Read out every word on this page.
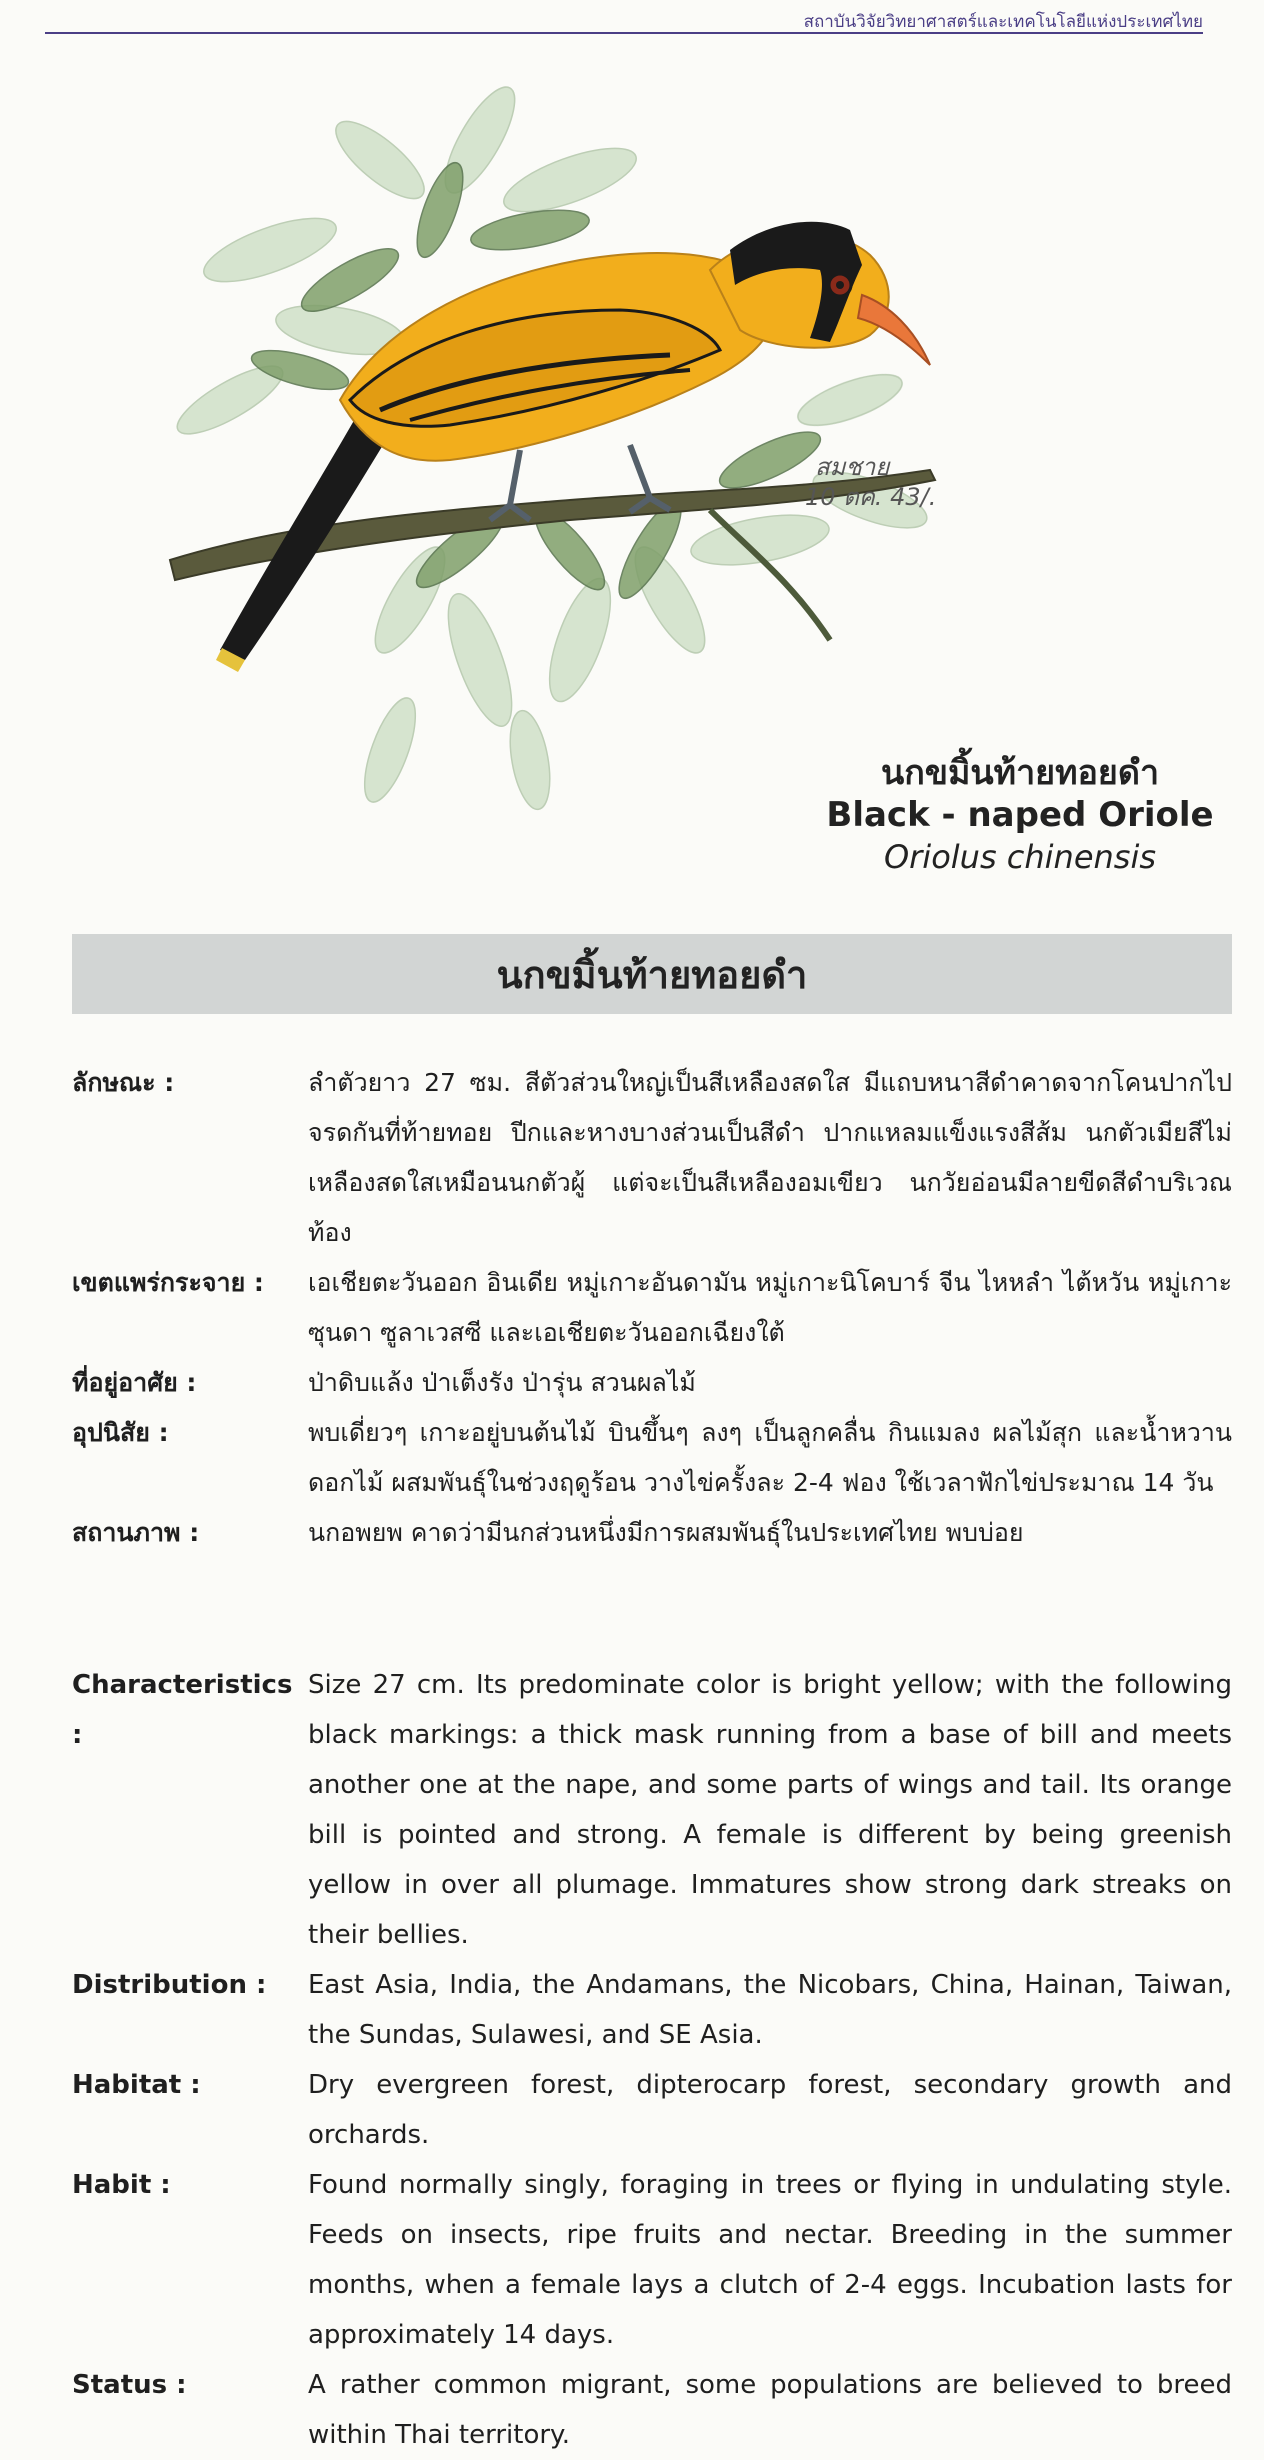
สถาบันวิจัยวิทยาศาสตร์และเทคโนโลยีแห่งประเทศไทย
สมชาย
10 ตค. 43/.
นกขมิ้นท้ายทอยดำ
Black - naped Oriole
Oriolus chinensis
นกขมิ้นท้ายทอยดำ
ลักษณะ :	ลำตัวยาว 27 ซม. สีตัวส่วนใหญ่เป็นสีเหลืองสดใส มีแถบหนาสีดำคาดจากโคนปากไปจรดกันที่ท้ายทอย ปีกและหางบางส่วนเป็นสีดำ ปากแหลมแข็งแรงสีส้ม นกตัวเมียสีไม่เหลืองสดใสเหมือนนกตัวผู้ แต่จะเป็นสีเหลืองอมเขียว นกวัยอ่อนมีลายขีดสีดำบริเวณท้อง
เขตแพร่กระจาย :	เอเชียตะวันออก อินเดีย หมู่เกาะอันดามัน หมู่เกาะนิโคบาร์ จีน ไหหลำ ไต้หวัน หมู่เกาะซุนดา ซูลาเวสซี และเอเชียตะวันออกเฉียงใต้
ที่อยู่อาศัย :	ป่าดิบแล้ง ป่าเต็งรัง ป่ารุ่น สวนผลไม้
อุปนิสัย :	พบเดี่ยวๆ เกาะอยู่บนต้นไม้ บินขึ้นๆ ลงๆ เป็นลูกคลื่น กินแมลง ผลไม้สุก และน้ำหวานดอกไม้ ผสมพันธุ์ในช่วงฤดูร้อน วางไข่ครั้งละ 2-4 ฟอง ใช้เวลาฟักไข่ประมาณ 14 วัน
สถานภาพ :	นกอพยพ คาดว่ามีนกส่วนหนึ่งมีการผสมพันธุ์ในประเทศไทย พบบ่อย
Characteristics :
Size 27 cm. Its predominate color is bright yellow; with the following black markings: a thick mask running from a base of bill and meets another one at the nape, and some parts of wings and tail. Its orange bill is pointed and strong. A female is different by being greenish yellow in over all plumage. Immatures show strong dark streaks on their bellies.
Distribution :	East Asia, India, the Andamans, the Nicobars, China, Hainan, Taiwan, the Sundas, Sulawesi, and SE Asia.
Habitat :	Dry evergreen forest, dipterocarp forest, secondary growth and orchards.
Habit :	Found normally singly, foraging in trees or flying in undulating style. Feeds on insects, ripe fruits and nectar. Breeding in the summer months, when a female lays a clutch of 2-4 eggs. Incubation lasts for approximately 14 days.
Status :	A rather common migrant, some populations are believed to breed within Thai territory.
